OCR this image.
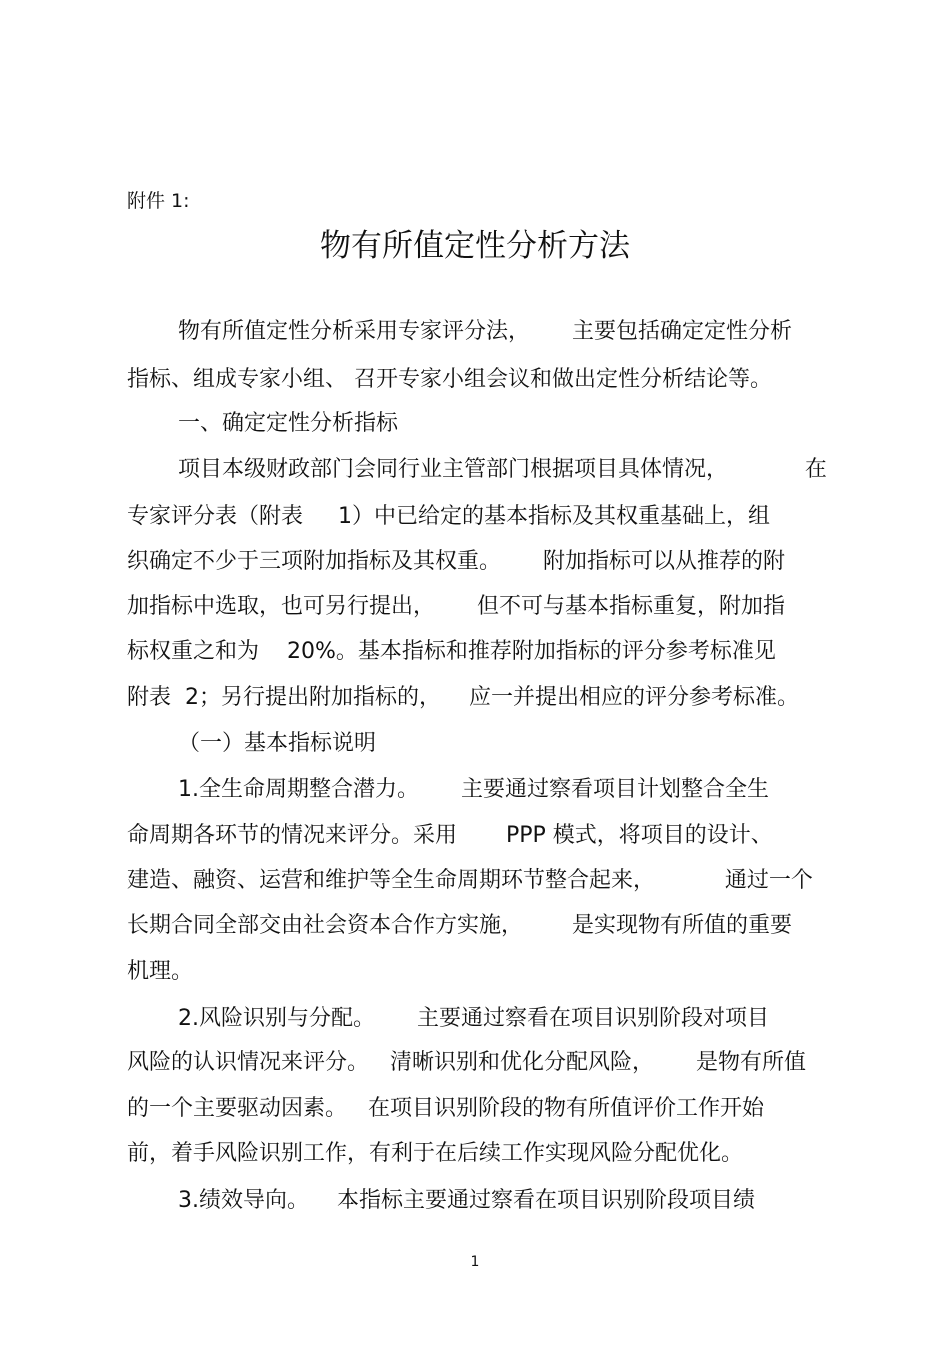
附件 1:
物有所值定性分析方法
物有所值定性分析采用专家评分法，      主要包括确定定性分析
指标、组成专家小组、 召开专家小组会议和做出定性分析结论等。
一、确定定性分析指标
项目本级财政部门会同行业主管部门根据项目具体情况，           在
专家评分表（附表     1）中已给定的基本指标及其权重基础上，组
织确定不少于三项附加指标及其权重。      附加指标可以从推荐的附
加指标中选取，也可另行提出，      但不可与基本指标重复，附加指
标权重之和为    20%。基本指标和推荐附加指标的评分参考标准见
附表  2；另行提出附加指标的，    应一并提出相应的评分参考标准。
（一）基本指标说明
1.全生命周期整合潜力。      主要通过察看项目计划整合全生
命周期各环节的情况来评分。采用       PPP 模式，将项目的设计、
建造、融资、运营和维护等全生命周期环节整合起来，          通过一个
长期合同全部交由社会资本合作方实施，       是实现物有所值的重要
机理。
2.风险识别与分配。      主要通过察看在项目识别阶段对项目
风险的认识情况来评分。   清晰识别和优化分配风险，      是物有所值
的一个主要驱动因素。   在项目识别阶段的物有所值评价工作开始
前，着手风险识别工作，有利于在后续工作实现风险分配优化。
3.绩效导向。    本指标主要通过察看在项目识别阶段项目绩
1
